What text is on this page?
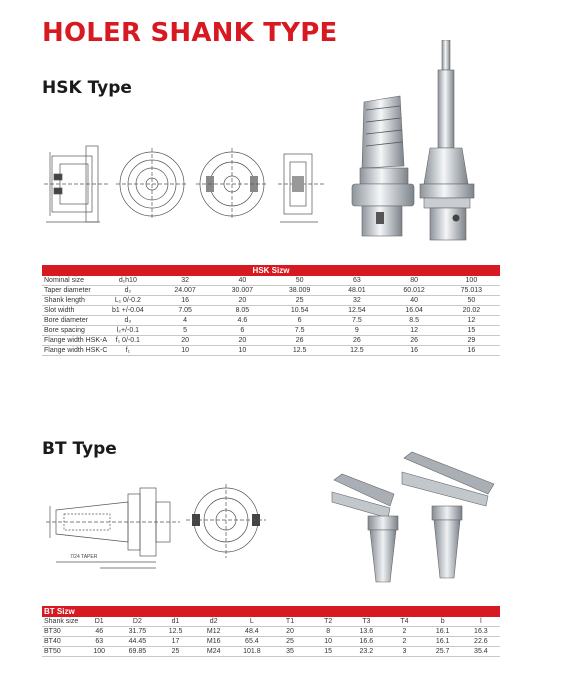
HOLER SHANK TYPE
HSK Type
HSK Sizw							
Nominal size	d₁h10	32	40	50	63	80	100
Taper diameter	d₂	24.007	30.007	38.009	48.01	60.012	75.013
Shank length	L₁ 0/-0.2	16	20	25	32	40	50
Slot width	b1 +/-0.04	7.05	8.05	10.54	12.54	16.04	20.02
Bore diameter	d₃	4	4.6	6	7.5	8.5	12
Bore spacing	l₂+/-0.1	5	6	7.5	9	12	15
Flange width HSK-A	f₁ 0/-0.1	20	20	26	26	26	29
Flange width HSK-C	f₁	10	10	12.5	12.5	16	16
BT Type
7/24 TAPER
BT Sizw											
Shank size	D1	D2	d1	d2	L	T1	T2	T3	T4	b	l
BT30	46	31.75	12.5	M12	48.4	20	8	13.6	2	16.1	16.3
BT40	63	44.45	17	M16	65.4	25	10	16.6	2	16.1	22.6
BT50	100	69.85	25	M24	101.8	35	15	23.2	3	25.7	35.4
